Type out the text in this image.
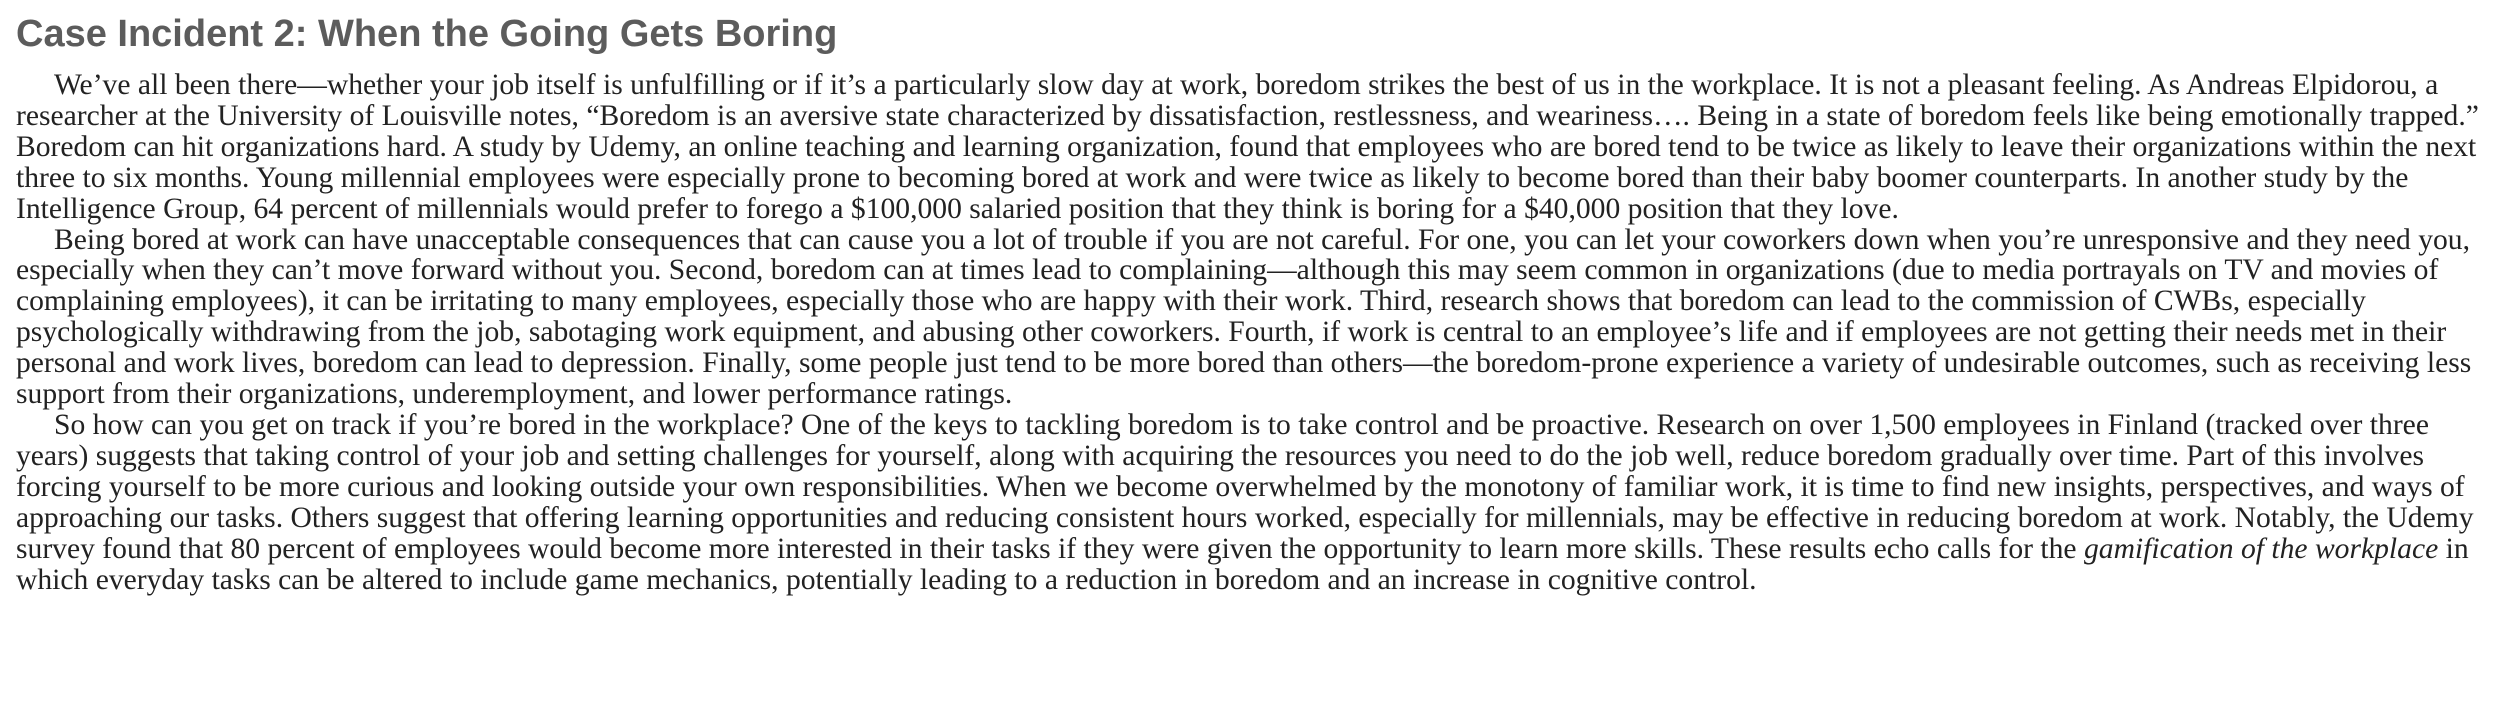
Case Incident 2: When the Going Gets Boring

We’ve all been there—whether your job itself is unfulfilling or if it’s a particularly slow day at work, boredom strikes the best of us in the workplace. It is not a pleasant feeling. As Andreas Elpidorou, a researcher at the University of Louisville notes, “Boredom is an aversive state characterized by dissatisfaction, restlessness, and weariness…. Being in a state of boredom feels like being emotionally trapped.” Boredom can hit organizations hard. A study by Udemy, an online teaching and learning organization, found that employees who are bored tend to be twice as likely to leave their organizations within the next three to six months. Young millennial employees were especially prone to becoming bored at work and were twice as likely to become bored than their baby boomer counterparts. In another study by the Intelligence Group, 64 percent of millennials would prefer to forego a $100,000 salaried position that they think is boring for a $40,000 position that they love.

Being bored at work can have unacceptable consequences that can cause you a lot of trouble if you are not careful. For one, you can let your coworkers down when you’re unresponsive and they need you, especially when they can’t move forward without you. Second, boredom can at times lead to complaining—although this may seem common in organizations (due to media portrayals on TV and movies of complaining employees), it can be irritating to many employees, especially those who are happy with their work. Third, research shows that boredom can lead to the commission of CWBs, especially psychologically withdrawing from the job, sabotaging work equipment, and abusing other coworkers. Fourth, if work is central to an employee’s life and if employees are not getting their needs met in their personal and work lives, boredom can lead to depression. Finally, some people just tend to be more bored than others—the boredom-prone experience a variety of undesirable outcomes, such as receiving less support from their organizations, underemployment, and lower performance ratings.

So how can you get on track if you’re bored in the workplace? One of the keys to tackling boredom is to take control and be proactive. Research on over 1,500 employees in Finland (tracked over three years) suggests that taking control of your job and setting challenges for yourself, along with acquiring the resources you need to do the job well, reduce boredom gradually over time. Part of this involves forcing yourself to be more curious and looking outside your own responsibilities. When we become overwhelmed by the monotony of familiar work, it is time to find new insights, perspectives, and ways of approaching our tasks. Others suggest that offering learning opportunities and reducing consistent hours worked, especially for millennials, may be effective in reducing boredom at work. Notably, the Udemy survey found that 80 percent of employees would become more interested in their tasks if they were given the opportunity to learn more skills. These results echo calls for the gamification of the workplace in which everyday tasks can be altered to include game mechanics, potentially leading to a reduction in boredom and an increase in cognitive control.
